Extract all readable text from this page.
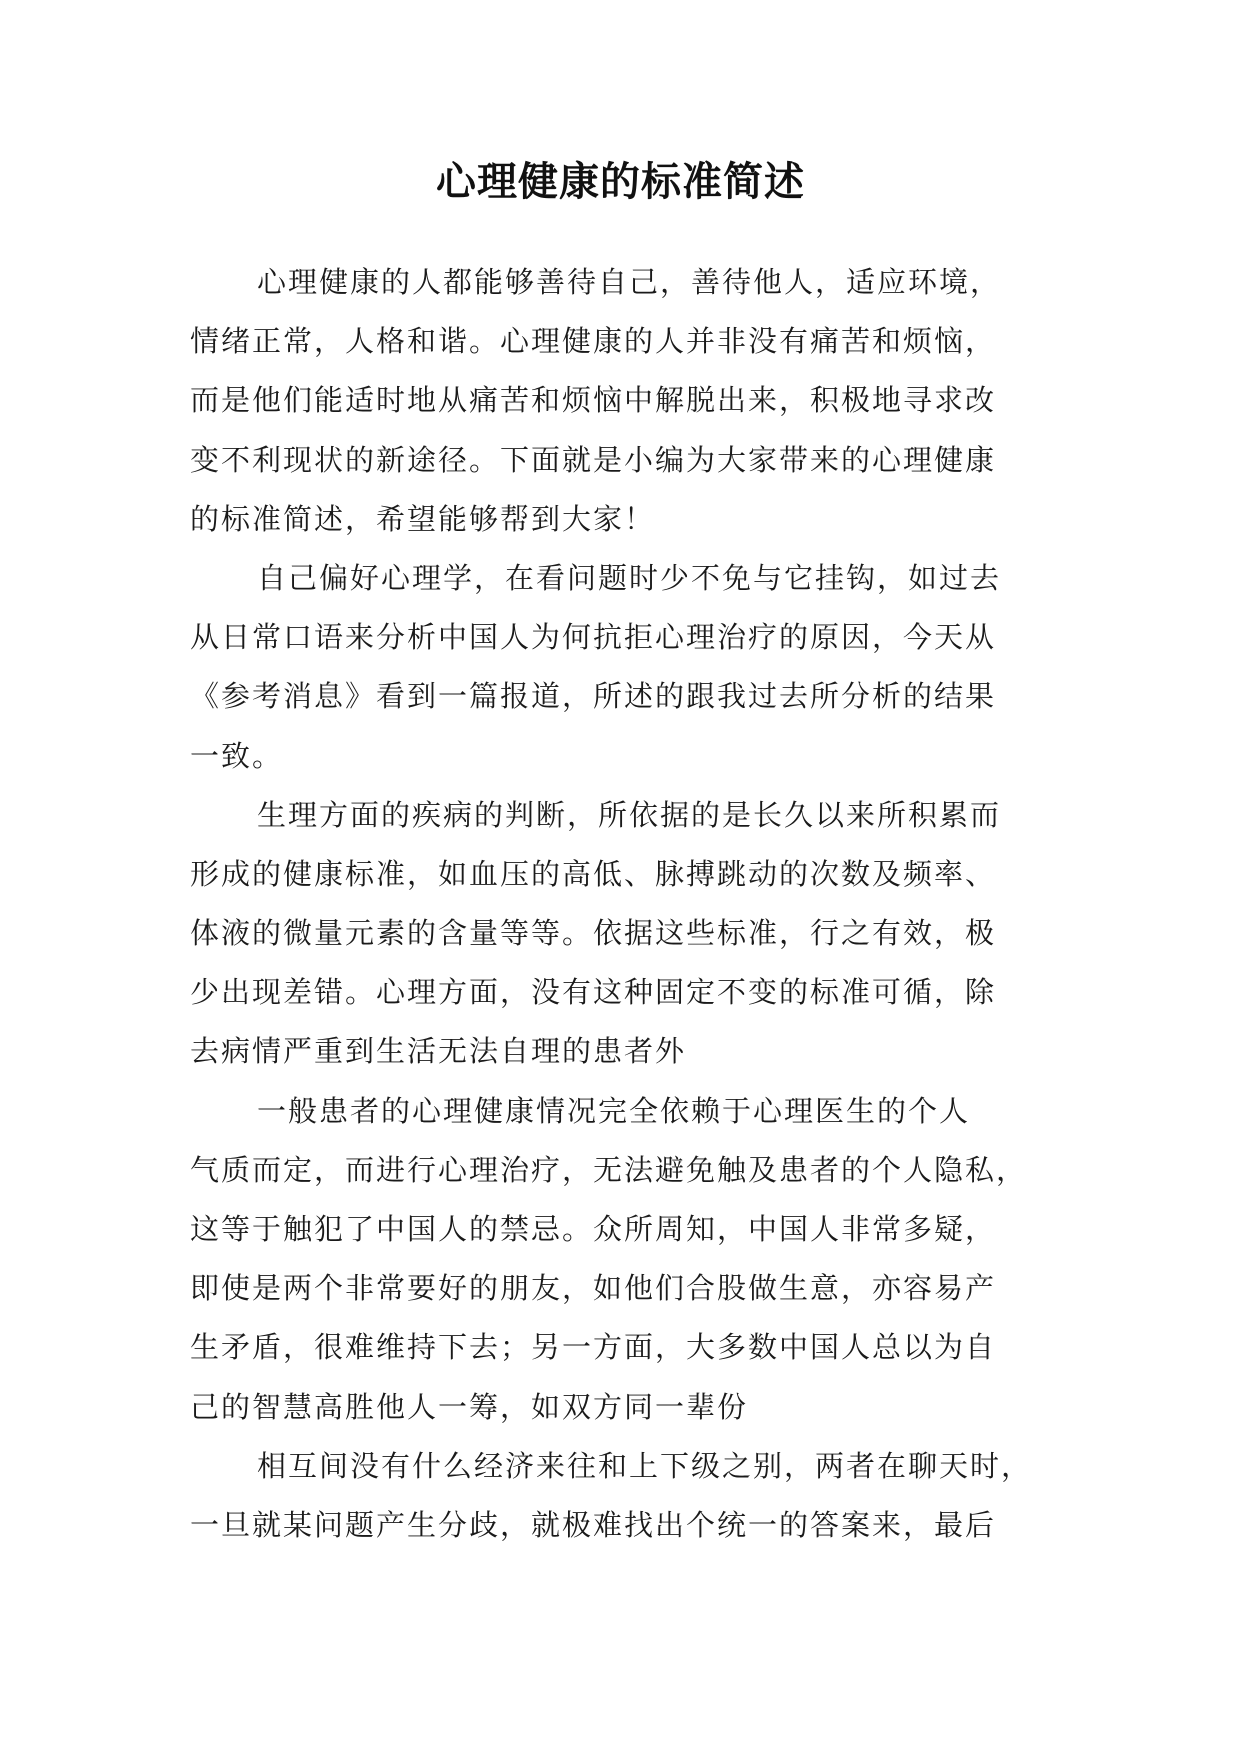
心理健康的标准简述
心理健康的人都能够善待自己，善待他人，适应环境，
情绪正常，人格和谐。心理健康的人并非没有痛苦和烦恼，
而是他们能适时地从痛苦和烦恼中解脱出来，积极地寻求改
变不利现状的新途径。下面就是小编为大家带来的心理健康
的标准简述，希望能够帮到大家！
自己偏好心理学，在看问题时少不免与它挂钩，如过去
从日常口语来分析中国人为何抗拒心理治疗的原因，今天从
《参考消息》看到一篇报道，所述的跟我过去所分析的结果
一致。
生理方面的疾病的判断，所依据的是长久以来所积累而
形成的健康标准，如血压的高低、脉搏跳动的次数及频率、
体液的微量元素的含量等等。依据这些标准，行之有效，极
少出现差错。心理方面，没有这种固定不变的标准可循，除
去病情严重到生活无法自理的患者外
一般患者的心理健康情况完全依赖于心理医生的个人
气质而定，而进行心理治疗，无法避免触及患者的个人隐私，
这等于触犯了中国人的禁忌。众所周知，中国人非常多疑，
即使是两个非常要好的朋友，如他们合股做生意，亦容易产
生矛盾，很难维持下去；另一方面，大多数中国人总以为自
己的智慧高胜他人一筹，如双方同一辈份
相互间没有什么经济来往和上下级之别，两者在聊天时，
一旦就某问题产生分歧，就极难找出个统一的答案来，最后
